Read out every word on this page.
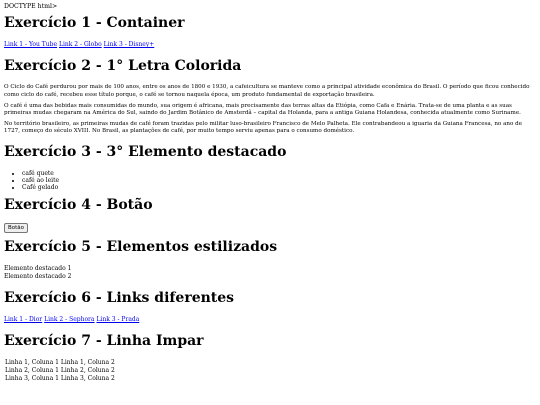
DOCTYPE html>
Exercício 1 - Container
Link 1 - You Tube Link 2 - Globo Link 3 - Disney+
Exercício 2 - 1° Letra Colorida

O Ciclo do Café perdurou por mais de 100 anos, entre os anos de 1800 e 1930, a cafeicultura se manteve como a principal atividade econômica do Brasil. O período que ficou conhecido como ciclo do café, recebeu esse título porque, o café se tornou naquela época, um produto fundamental de exportação brasileira.

O café é uma das bebidas mais consumidas do mundo, sua origem é africana, mais precisamente das terras altas da Etiópia, como Cafa e Enária. Trata-se de uma planta e as suas primeiras mudas chegaram na América do Sul, saindo do Jardim Botânico de Amsterdã – capital da Holanda, para a antiga Guiana Holandesa, conhecida atualmente como Suriname.

No território brasileiro, as primeiras mudas de café foram trazidas pelo militar luso-brasileiro Francisco de Melo Palheta. Ele contrabandeou a iguaria da Guiana Francesa, no ano de 1727, começo do século XVIII. No Brasil, as plantações de café, por muito tempo serviu apenas para o consumo doméstico.

Exercício 3 - 3° Elemento destacado
• café quete
• café ao leite
• Café gelado
Exercício 4 - Botão
Botão
Exercício 5 - Elementos estilizados
Elemento destacado 1
Elemento destacado 2
Exercício 6 - Links diferentes
Link 1 - Dior Link 2 - Sephora Link 3 - Prada
Exercício 7 - Linha Impar
Linha 1, Coluna 1	Linha 1, Coluna 2
Linha 2, Coluna 1	Linha 2, Coluna 2
Linha 3, Coluna 1	Linha 3, Coluna 2
